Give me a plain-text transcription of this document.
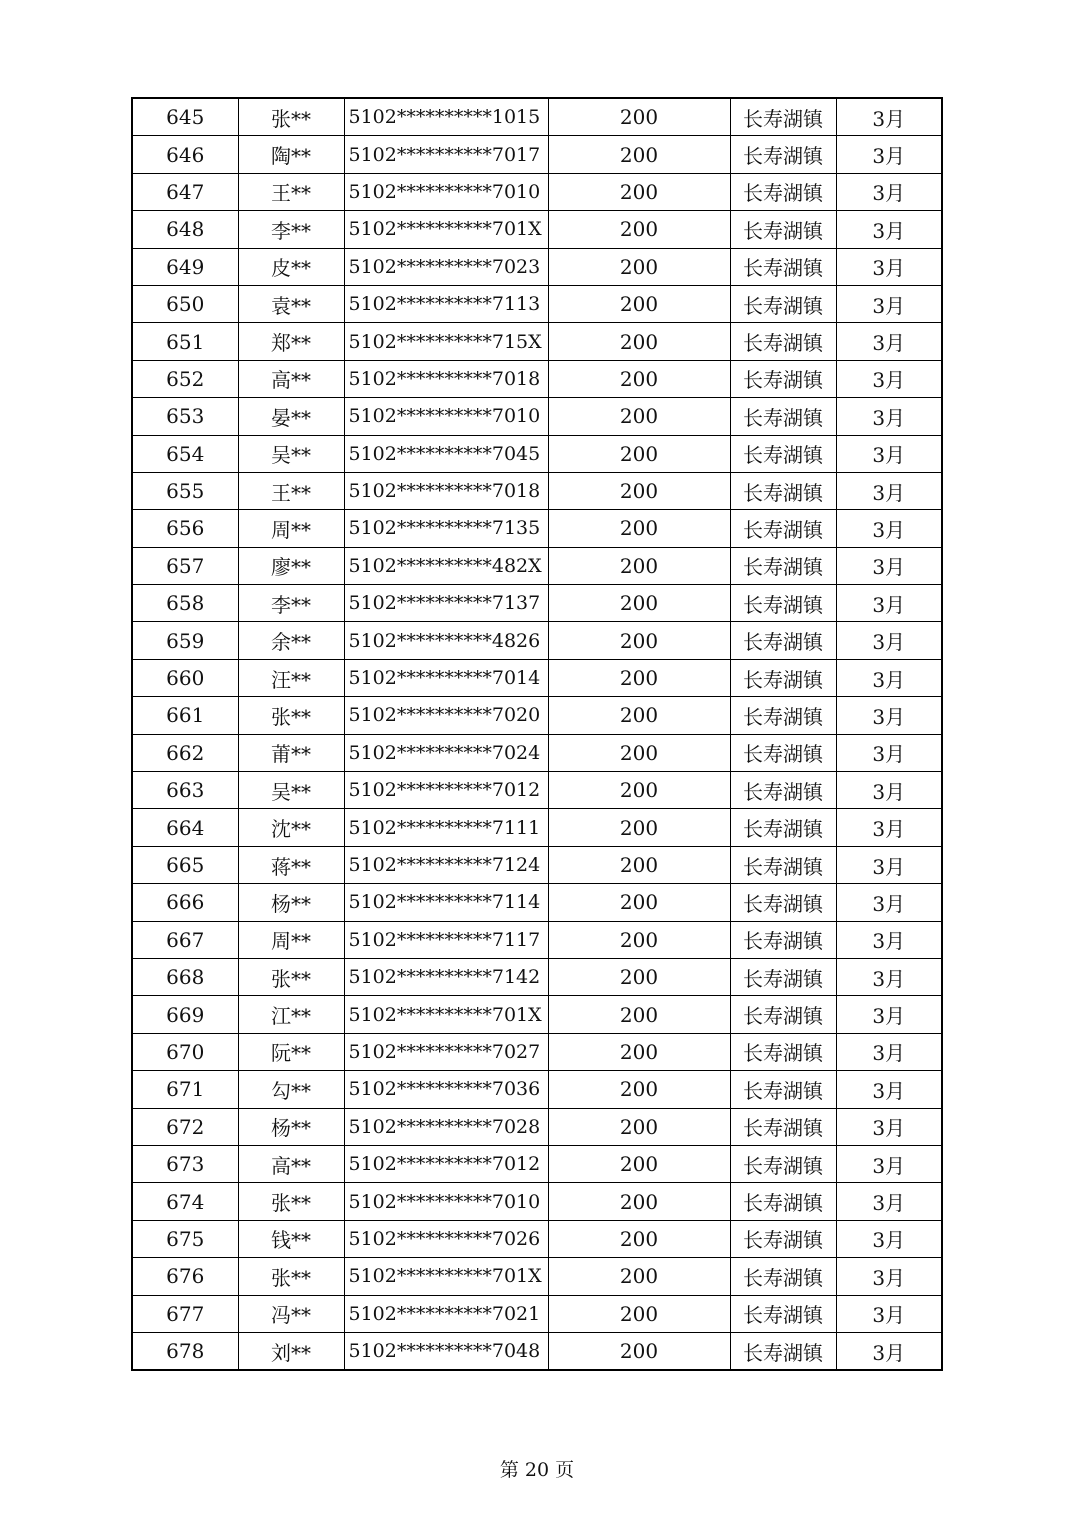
645	张**	5102**********1015	200	长寿湖镇	3月
646	陶**	5102**********7017	200	长寿湖镇	3月
647	王**	5102**********7010	200	长寿湖镇	3月
648	李**	5102**********701X	200	长寿湖镇	3月
649	皮**	5102**********7023	200	长寿湖镇	3月
650	袁**	5102**********7113	200	长寿湖镇	3月
651	郑**	5102**********715X	200	长寿湖镇	3月
652	高**	5102**********7018	200	长寿湖镇	3月
653	晏**	5102**********7010	200	长寿湖镇	3月
654	吴**	5102**********7045	200	长寿湖镇	3月
655	王**	5102**********7018	200	长寿湖镇	3月
656	周**	5102**********7135	200	长寿湖镇	3月
657	廖**	5102**********482X	200	长寿湖镇	3月
658	李**	5102**********7137	200	长寿湖镇	3月
659	余**	5102**********4826	200	长寿湖镇	3月
660	汪**	5102**********7014	200	长寿湖镇	3月
661	张**	5102**********7020	200	长寿湖镇	3月
662	莆**	5102**********7024	200	长寿湖镇	3月
663	吴**	5102**********7012	200	长寿湖镇	3月
664	沈**	5102**********7111	200	长寿湖镇	3月
665	蒋**	5102**********7124	200	长寿湖镇	3月
666	杨**	5102**********7114	200	长寿湖镇	3月
667	周**	5102**********7117	200	长寿湖镇	3月
668	张**	5102**********7142	200	长寿湖镇	3月
669	江**	5102**********701X	200	长寿湖镇	3月
670	阮**	5102**********7027	200	长寿湖镇	3月
671	勾**	5102**********7036	200	长寿湖镇	3月
672	杨**	5102**********7028	200	长寿湖镇	3月
673	高**	5102**********7012	200	长寿湖镇	3月
674	张**	5102**********7010	200	长寿湖镇	3月
675	钱**	5102**********7026	200	长寿湖镇	3月
676	张**	5102**********701X	200	长寿湖镇	3月
677	冯**	5102**********7021	200	长寿湖镇	3月
678	刘**	5102**********7048	200	长寿湖镇	3月
第 20 页
